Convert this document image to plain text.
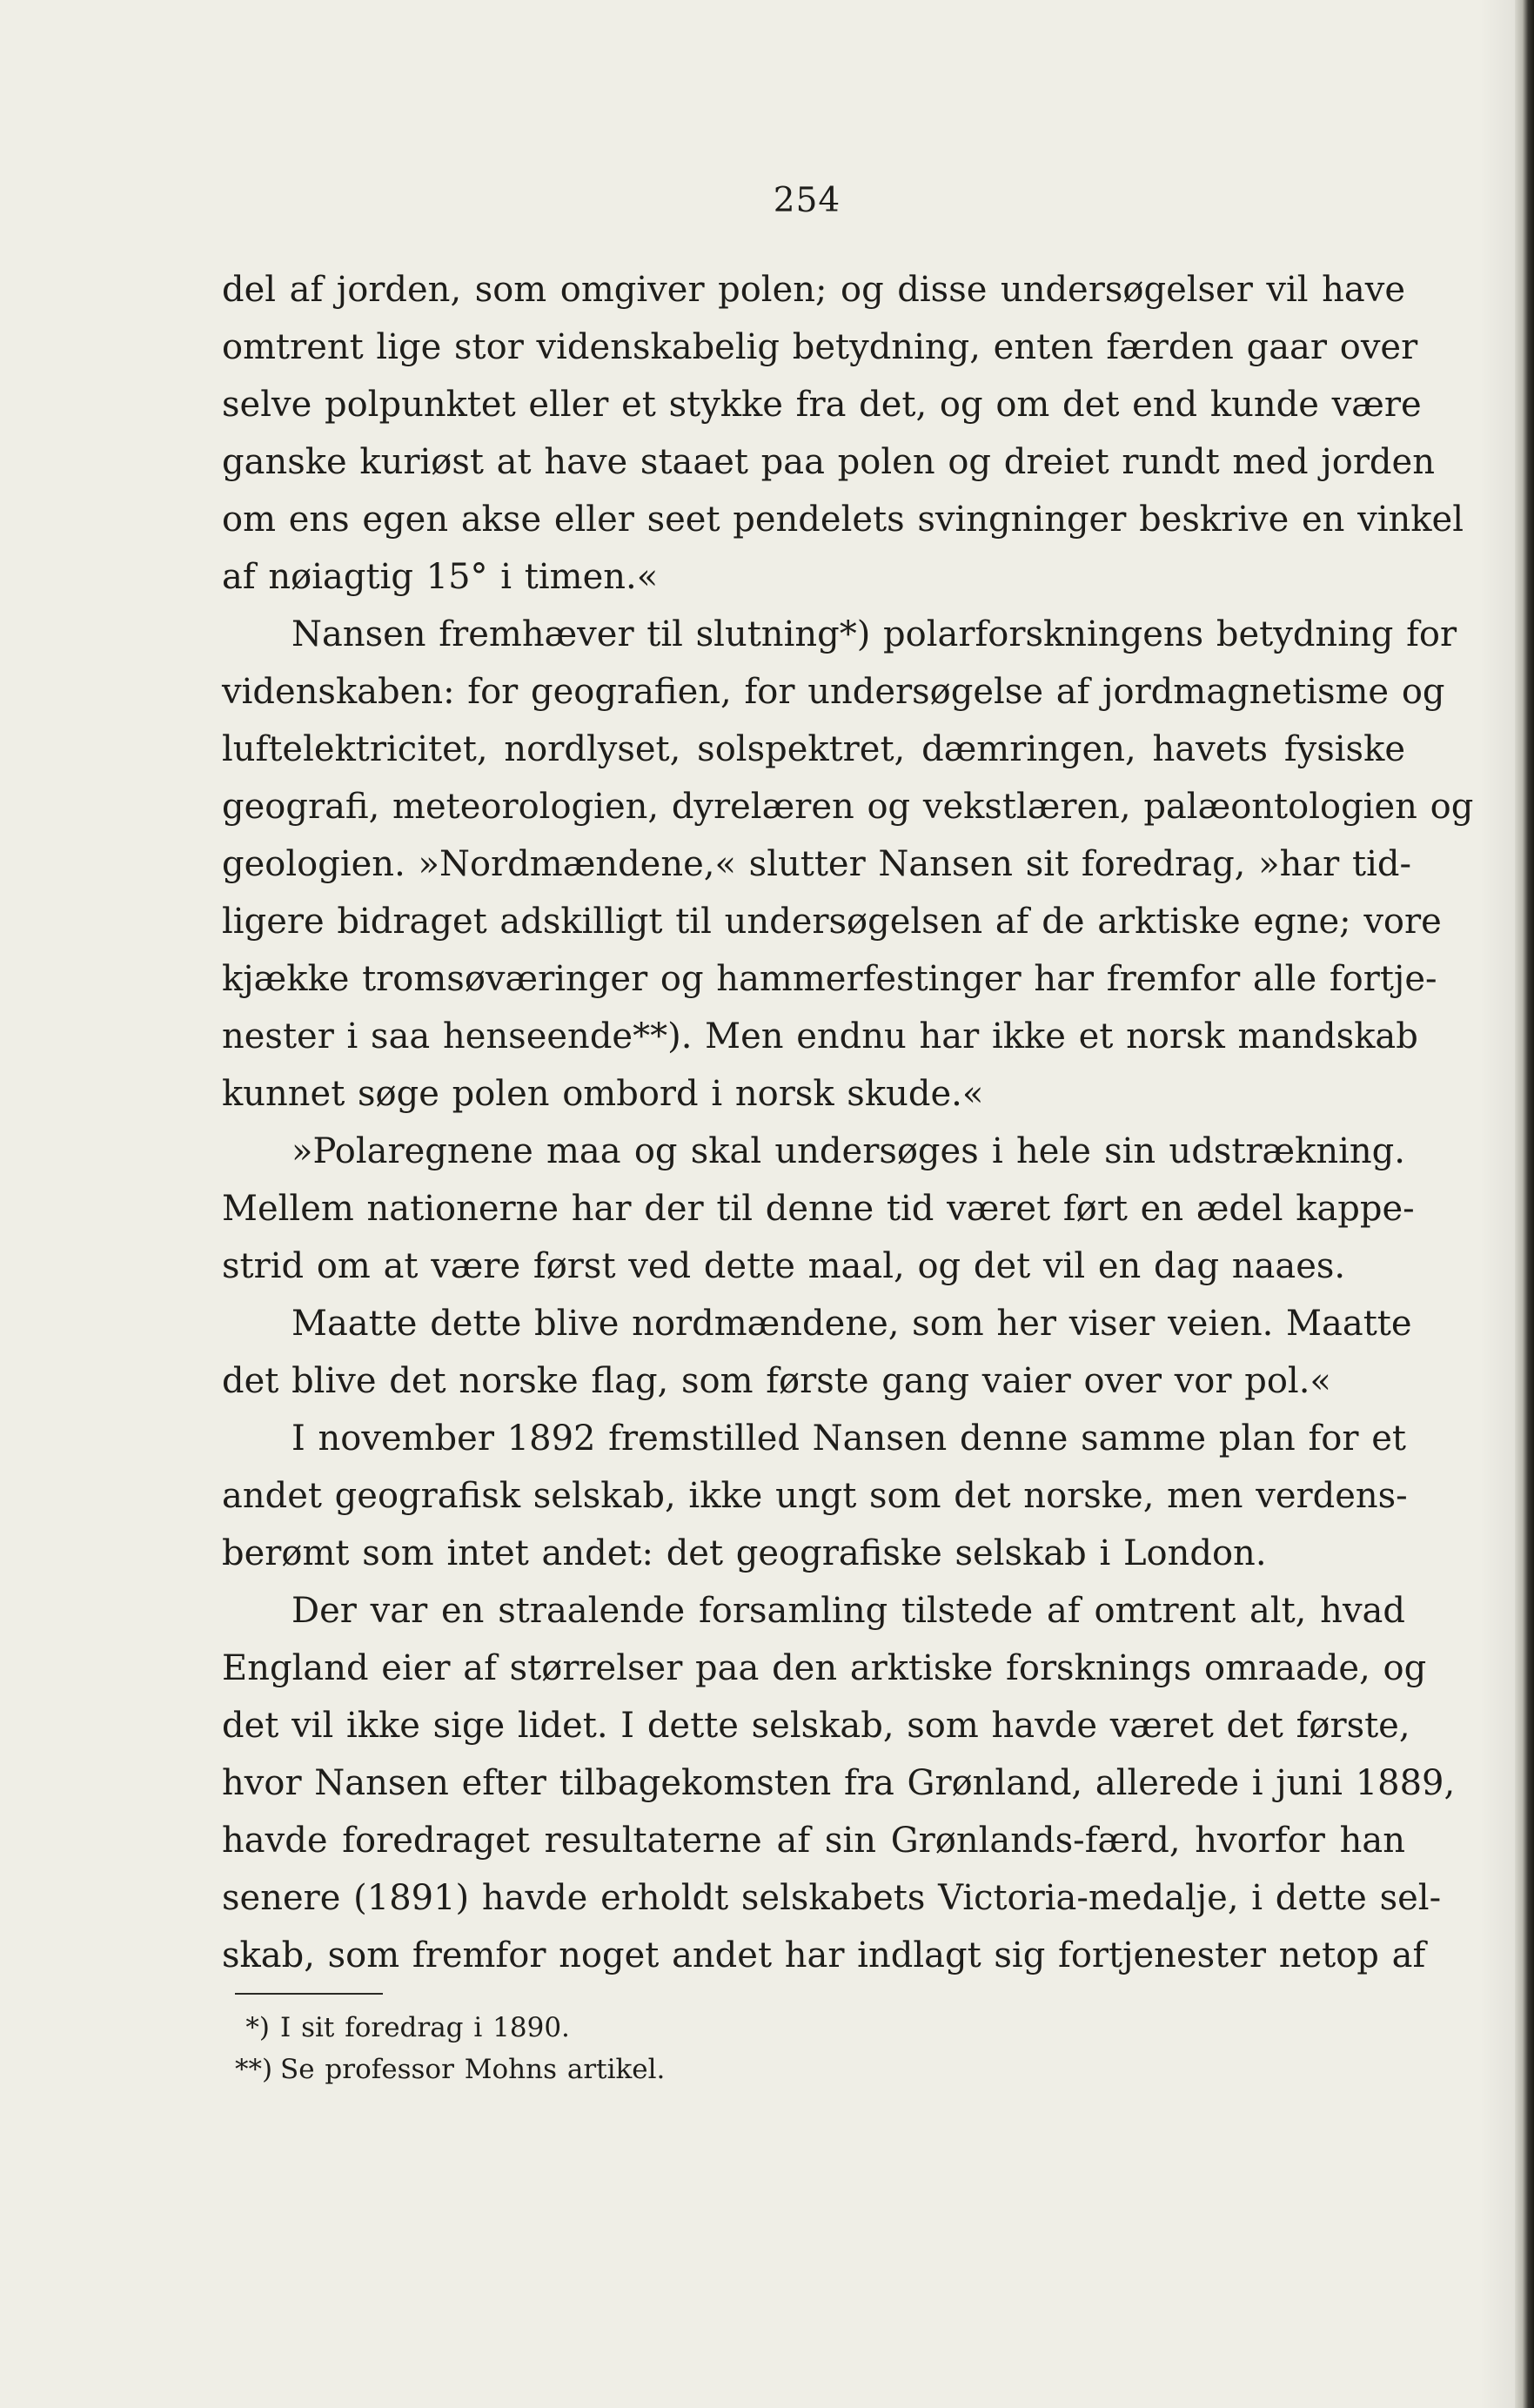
254
del af jorden, som omgiver polen; og disse undersøgelser vil have
omtrent lige stor videnskabelig betydning, enten færden gaar over
selve polpunktet eller et stykke fra det, og om det end kunde være
ganske kuriøst at have staaet paa polen og dreiet rundt med jorden
om ens egen akse eller seet pendelets svingninger beskrive en vinkel
af nøiagtig 15° i timen.«
Nansen fremhæver til slutning*) polarforskningens betydning for
videnskaben: for geografien, for undersøgelse af jordmagnetisme og
luftelektricitet, nordlyset, solspektret, dæmringen, havets fysiske
geografi, meteorologien, dyrelæren og vekstlæren, palæontologien og
geologien. »Nordmændene,« slutter Nansen sit foredrag, »har tid-
ligere bidraget adskilligt til undersøgelsen af de arktiske egne; vore
kjække tromsøværinger og hammerfestinger har fremfor alle fortje-
nester i saa henseende**). Men endnu har ikke et norsk mandskab
kunnet søge polen ombord i norsk skude.«
»Polaregnene maa og skal undersøges i hele sin udstrækning.
Mellem nationerne har der til denne tid været ført en ædel kappe-
strid om at være først ved dette maal, og det vil en dag naaes.
Maatte dette blive nordmændene, som her viser veien. Maatte
det blive det norske flag, som første gang vaier over vor pol.«
I november 1892 fremstilled Nansen denne samme plan for et
andet geografisk selskab, ikke ungt som det norske, men verdens-
berømt som intet andet: det geografiske selskab i London.
Der var en straalende forsamling tilstede af omtrent alt, hvad
England eier af størrelser paa den arktiske forsknings omraade, og
det vil ikke sige lidet. I dette selskab, som havde været det første,
hvor Nansen efter tilbagekomsten fra Grønland, allerede i juni 1889,
havde foredraget resultaterne af sin Grønlands-færd, hvorfor han
senere (1891) havde erholdt selskabets Victoria-medalje, i dette sel-
skab, som fremfor noget andet har indlagt sig fortjenester netop af
*) I sit foredrag i 1890.
**) Se professor Mohns artikel.
